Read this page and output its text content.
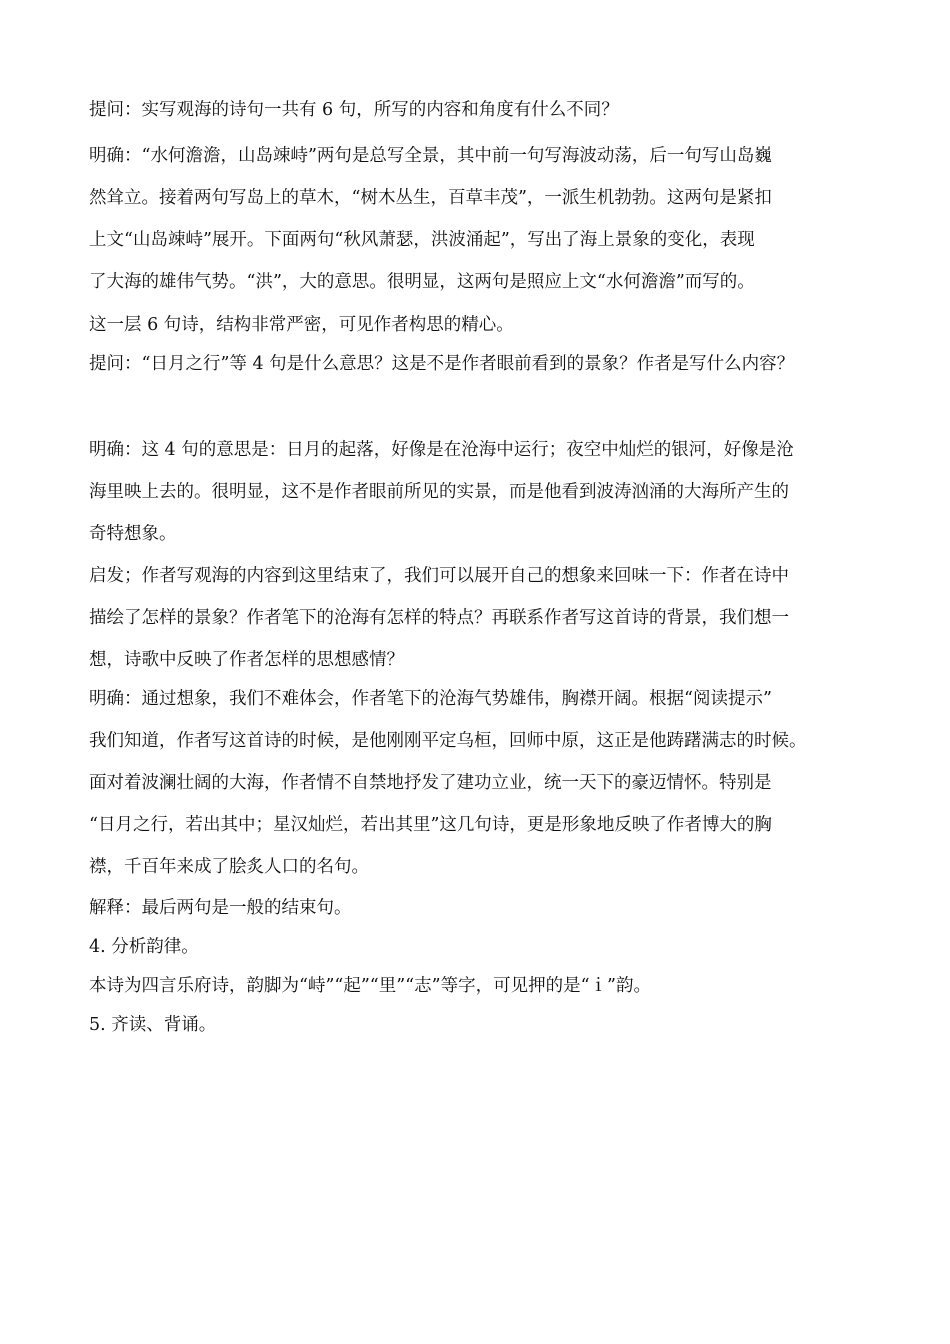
提问：实写观海的诗句一共有 6 句，所写的内容和角度有什么不同？
明确：“水何澹澹，山岛竦峙”两句是总写全景，其中前一句写海波动荡，后一句写山岛巍
然耸立。接着两句写岛上的草木，“树木丛生，百草丰茂”，一派生机勃勃。这两句是紧扣
上文“山岛竦峙”展开。下面两句“秋风萧瑟，洪波涌起”，写出了海上景象的变化，表现
了大海的雄伟气势。“洪”，大的意思。很明显，这两句是照应上文“水何澹澹”而写的。
这一层 6 句诗，结构非常严密，可见作者构思的精心。
提问：“日月之行”等 4 句是什么意思？这是不是作者眼前看到的景象？作者是写什么内容？
明确：这 4 句的意思是：日月的起落，好像是在沧海中运行；夜空中灿烂的银河，好像是沧
海里映上去的。很明显，这不是作者眼前所见的实景，而是他看到波涛汹涌的大海所产生的
奇特想象。
启发；作者写观海的内容到这里结束了，我们可以展开自己的想象来回味一下：作者在诗中
描绘了怎样的景象？作者笔下的沧海有怎样的特点？再联系作者写这首诗的背景，我们想一
想，诗歌中反映了作者怎样的思想感情？
明确：通过想象，我们不难体会，作者笔下的沧海气势雄伟，胸襟开阔。根据“阅读提示”
我们知道，作者写这首诗的时候，是他刚刚平定乌桓，回师中原，这正是他踌躇满志的时候。
面对着波澜壮阔的大海，作者情不自禁地抒发了建功立业，统一天下的豪迈情怀。特别是
“日月之行，若出其中；星汉灿烂，若出其里”这几句诗，更是形象地反映了作者博大的胸
襟，千百年来成了脍炙人口的名句。
解释：最后两句是一般的结束句。
4. 分析韵律。
本诗为四言乐府诗，韵脚为“峙”“起”“里”“志”等字，可见押的是“ｉ”韵。
5. 齐读、背诵。
